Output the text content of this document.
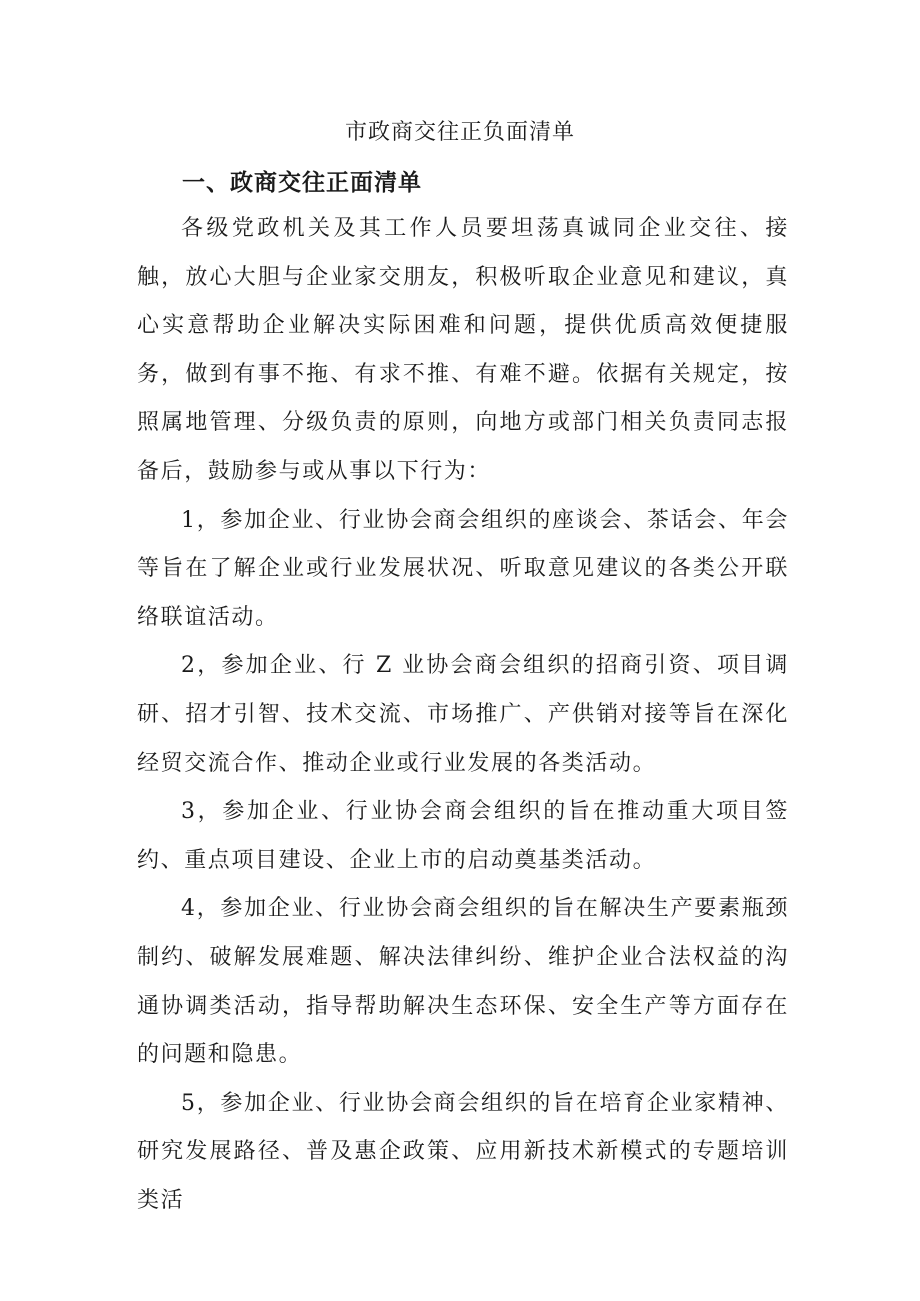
市政商交往正负面清单
一、政商交往正面清单

各级党政机关及其工作人员要坦荡真诚同企业交往、接触，放心大胆与企业家交朋友，积极听取企业意见和建议，真心实意帮助企业解决实际困难和问题，提供优质高效便捷服务，做到有事不拖、有求不推、有难不避。依据有关规定，按照属地管理、分级负责的原则，向地方或部门相关负责同志报备后，鼓励参与或从事以下行为：

1，参加企业、行业协会商会组织的座谈会、茶话会、年会等旨在了解企业或行业发展状况、听取意见建议的各类公开联络联谊活动。

2，参加企业、行 Z 业协会商会组织的招商引资、项目调研、招才引智、技术交流、市场推广、产供销对接等旨在深化经贸交流合作、推动企业或行业发展的各类活动。

3，参加企业、行业协会商会组织的旨在推动重大项目签约、重点项目建设、企业上市的启动奠基类活动。

4，参加企业、行业协会商会组织的旨在解决生产要素瓶颈制约、破解发展难题、解决法律纠纷、维护企业合法权益的沟通协调类活动，指导帮助解决生态环保、安全生产等方面存在的问题和隐患。

5，参加企业、行业协会商会组织的旨在培育企业家精神、研究发展路径、普及惠企政策、应用新技术新模式的专题培训类活
